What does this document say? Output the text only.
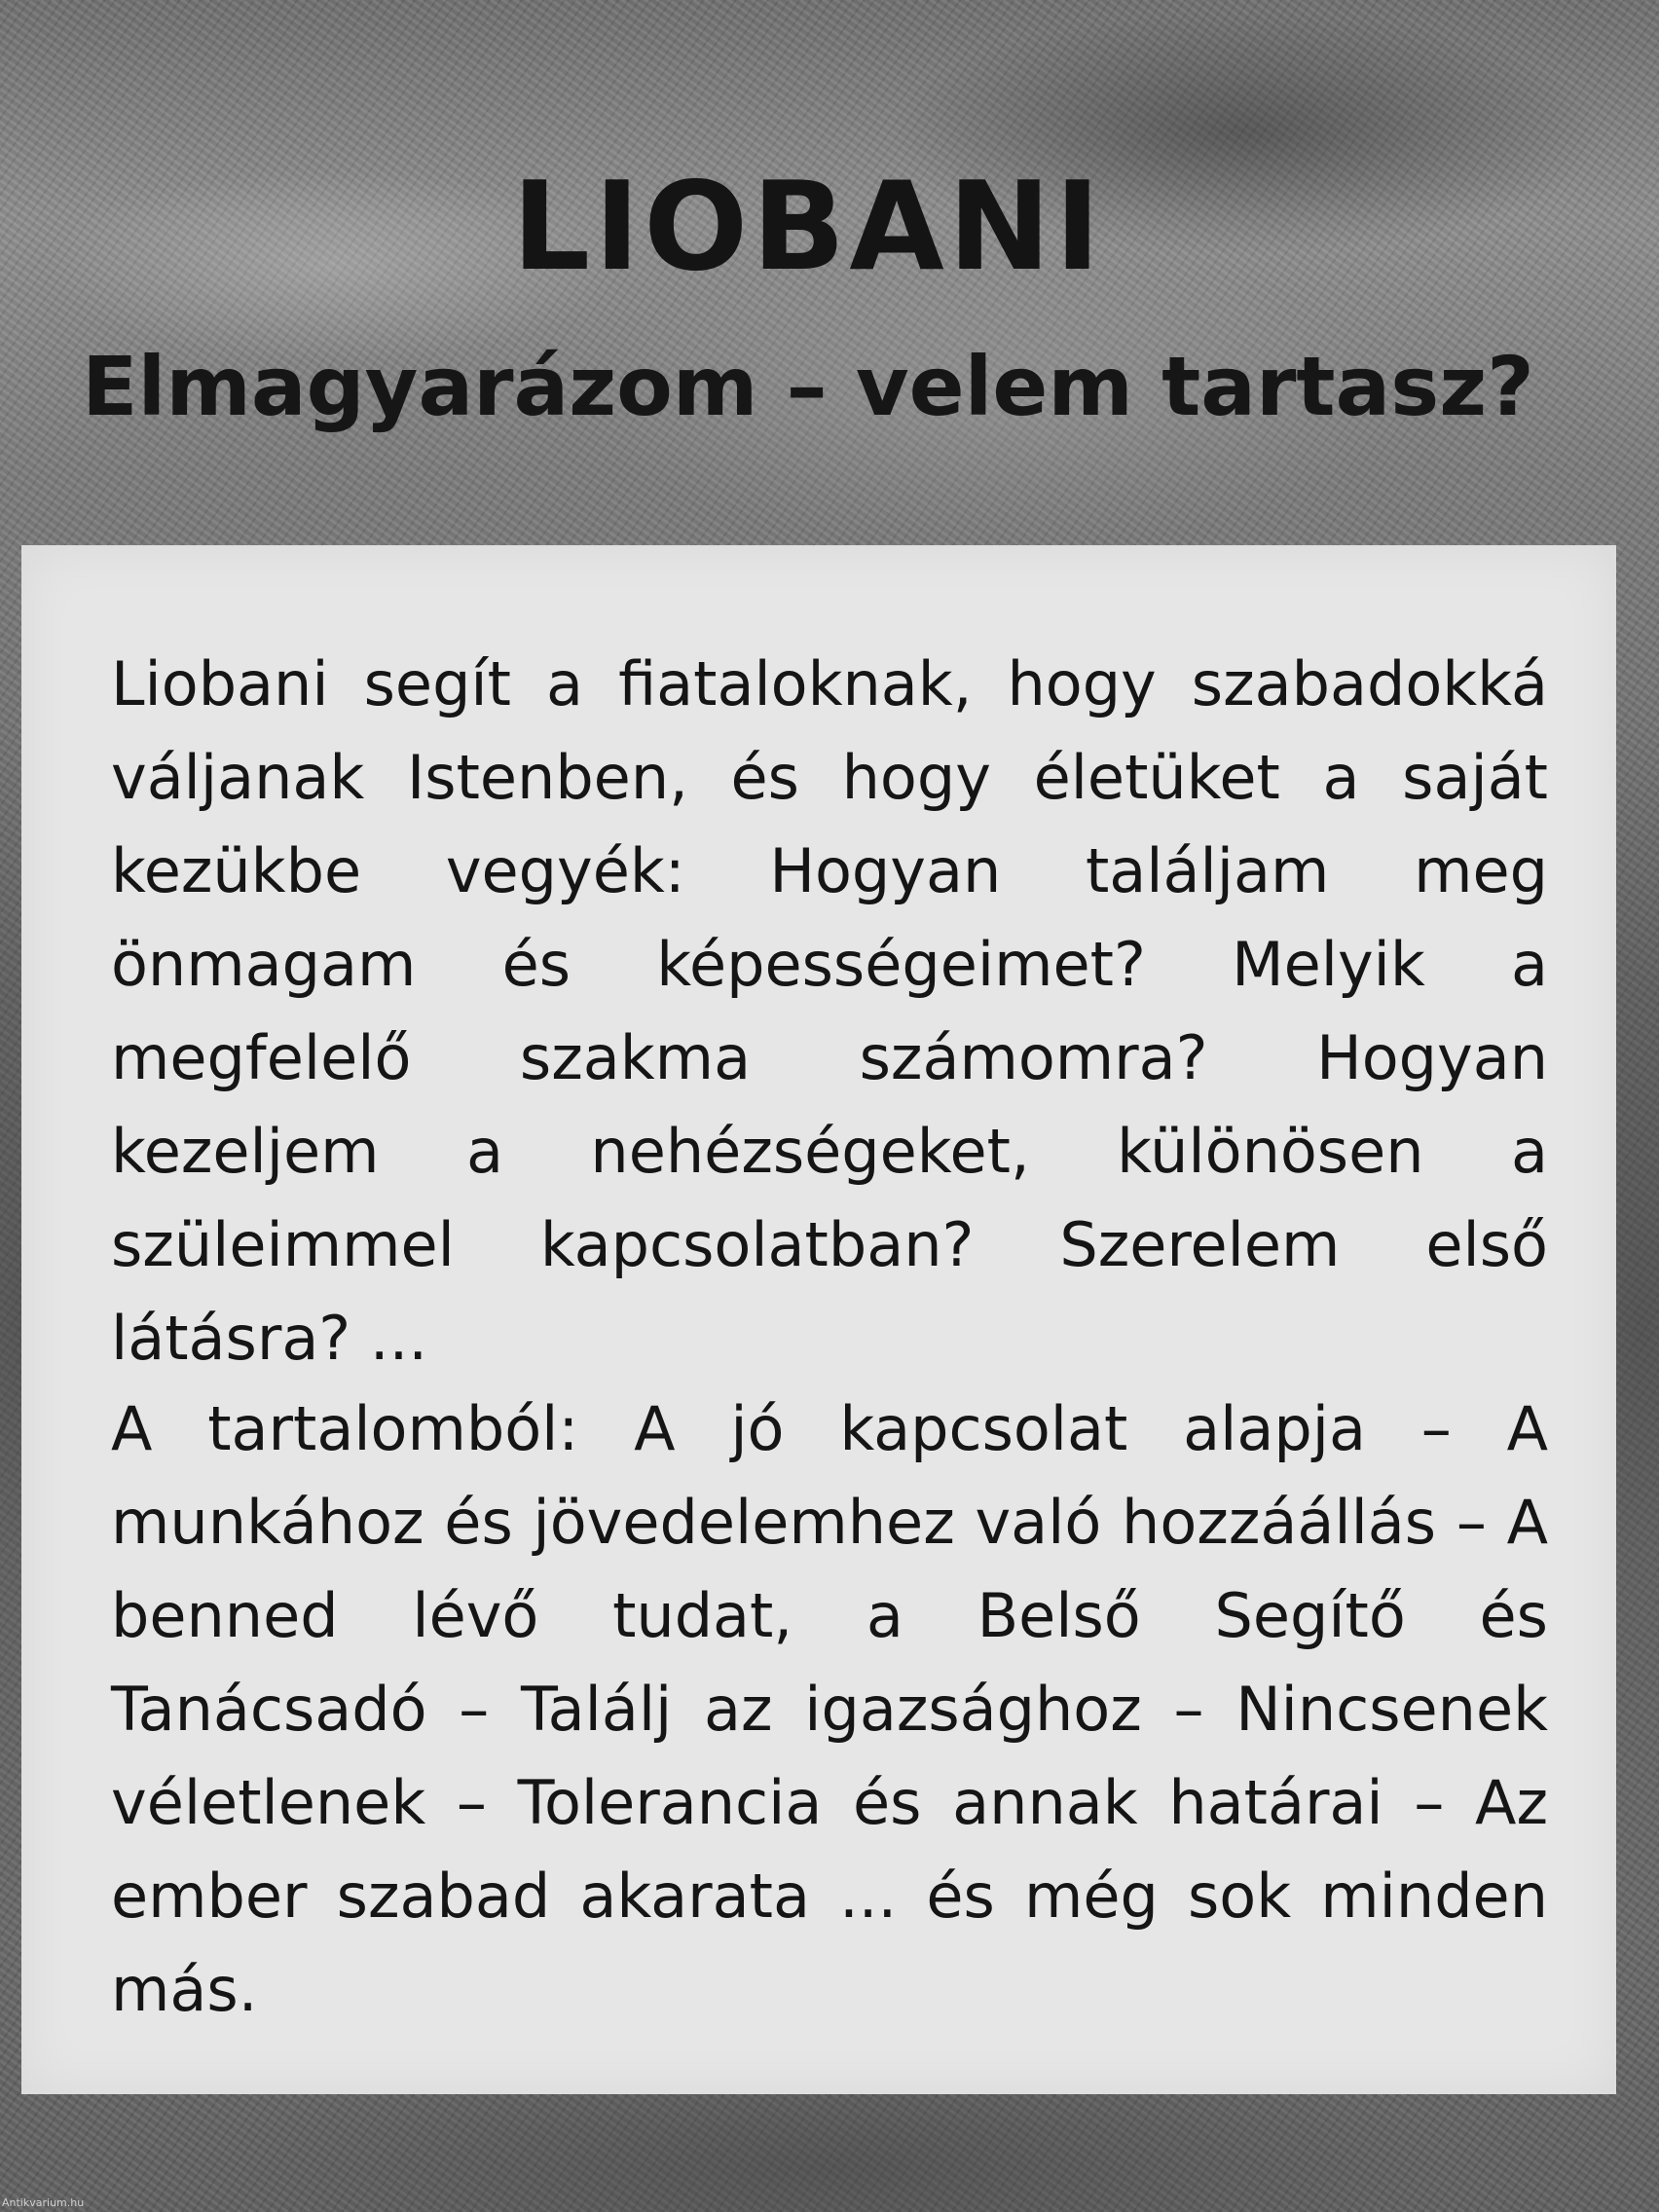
LIOBANI
Elmagyarázom – velem tartasz?

Liobani segít a fiataloknak, hogy szabadokká váljanak Istenben, és hogy életüket a saját kezükbe vegyék: Hogyan találjam meg önmagam és képességeimet? Melyik a megfelelő szakma számomra? Hogyan kezeljem a nehézségeket, különösen a szüleimmel kapcsolatban? Szerelem első látásra? ...

A tartalomból: A jó kapcsolat alapja – A munkához és jövedelemhez való hozzáállás – A benned lévő tudat, a Belső Segítő és Tanácsadó – Találj az igazsághoz – Nincsenek véletlenek – Tolerancia és annak határai – Az ember szabad akarata ... és még sok minden más.

Antikvarium.hu
